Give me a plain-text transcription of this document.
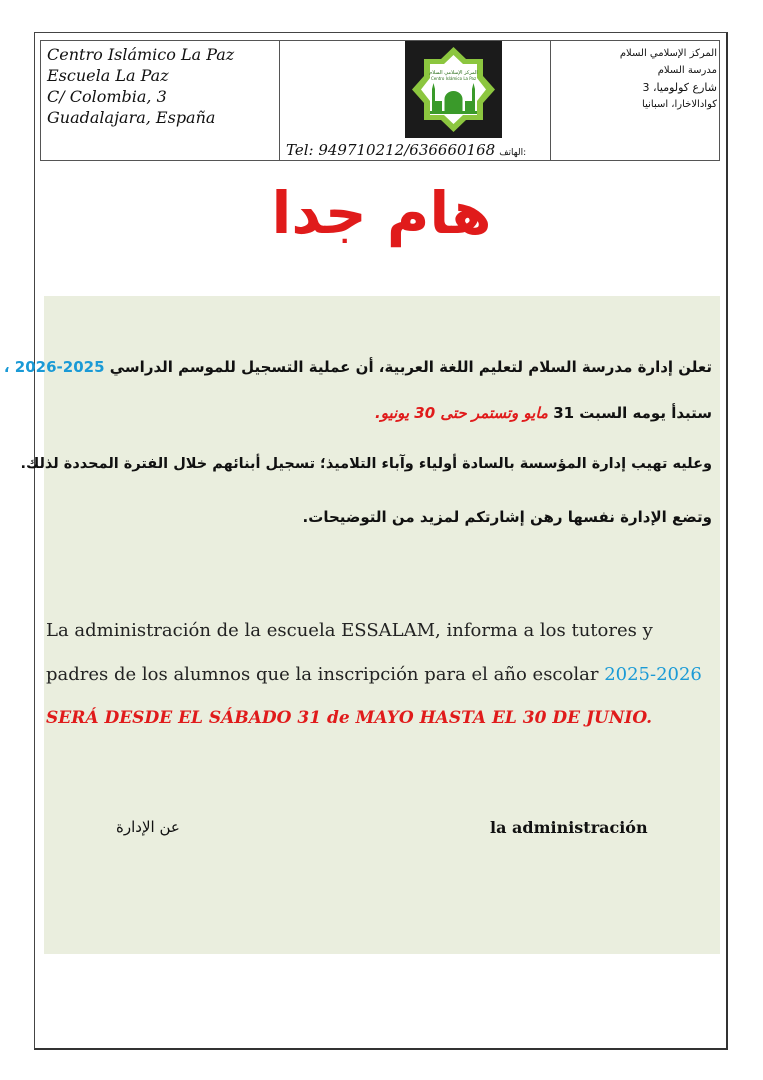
Centro Islámico La Paz
Escuela La Paz
C/ Colombia, 3
Guadalajara, España
المركز الإسلامي السلام
Centro Islámico La Paz
Tel: 949710212/636660168 الهاتف:
المركز الإسلامي السلام
مدرسة السلام
شارع كولوميا، 3
كوادالاخارا، اسبانيا
هام جدا
تعلن إدارة مدرسة السلام لتعليم اللغة العربية، أن عملية التسجيل للموسم الدراسي 2025-2026 ،
ستبدأ يومه السبت 31 مايو وتستمر حتى 30 يونيو.
وعليه تهيب إدارة المؤسسة بالسادة أولياء وآباء التلاميذ؛ تسجيل أبنائهم خلال الفترة المحددة لذلك.
وتضع الإدارة نفسها رهن إشارتكم لمزيد من التوضيحات.
La administración de la escuela ESSALAM, informa a los tutores y
padres de los alumnos que la inscripción para el año escolar 2025-2026
SERÁ DESDE EL SÁBADO 31 de MAYO HASTA EL 30 DE JUNIO.
la administración
عن الإدارة
